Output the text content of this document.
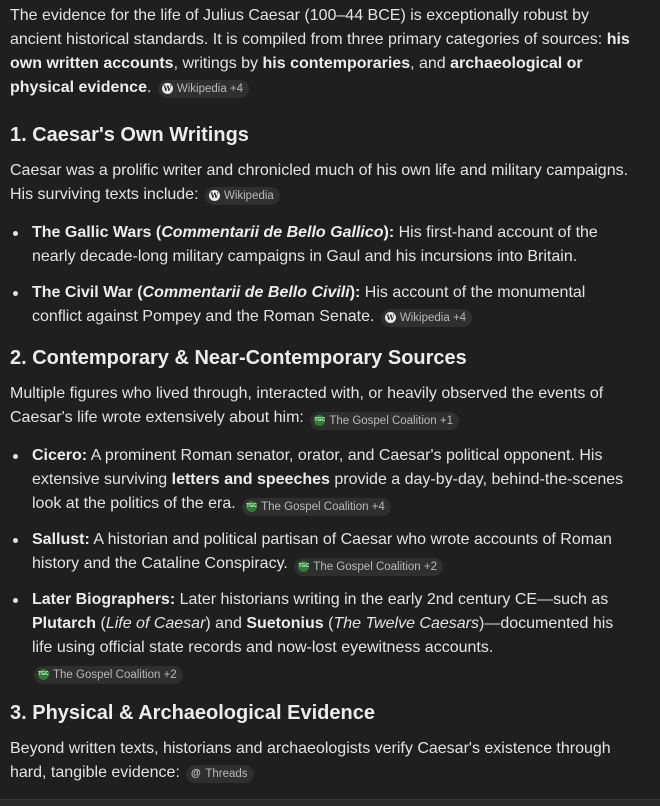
The evidence for the life of Julius Caesar (100–44 BCE) is exceptionally robust by ancient historical standards. It is compiled from three primary categories of sources: his own written accounts, writings by his contemporaries, and archaeological or physical evidence. W Wikipedia +4

1. Caesar's Own Writings

Caesar was a prolific writer and chronicled much of his own life and military campaigns. His surviving texts include: W Wikipedia

The Gallic Wars (Commentarii de Bello Gallico): His first-hand account of the nearly decade-long military campaigns in Gaul and his incursions into Britain.
The Civil War (Commentarii de Bello Civili): His account of the monumental conflict against Pompey and the Roman Senate. W Wikipedia +4
2. Contemporary & Near-Contemporary Sources

Multiple figures who lived through, interacted with, or heavily observed the events of Caesar's life wrote extensively about him: TGC The Gospel Coalition +1

Cicero: A prominent Roman senator, orator, and Caesar's political opponent. His extensive surviving letters and speeches provide a day-by-day, behind-the-scenes look at the politics of the era. TGC The Gospel Coalition +4
Sallust: A historian and political partisan of Caesar who wrote accounts of Roman history and the Cataline Conspiracy. TGC The Gospel Coalition +2
Later Biographers: Later historians writing in the early 2nd century CE—such as Plutarch (Life of Caesar) and Suetonius (The Twelve Caesars)—documented his life using official state records and now-lost eyewitness accounts.
TGC The Gospel Coalition +2
3. Physical & Archaeological Evidence

Beyond written texts, historians and archaeologists verify Caesar's existence through hard, tangible evidence: @ Threads
